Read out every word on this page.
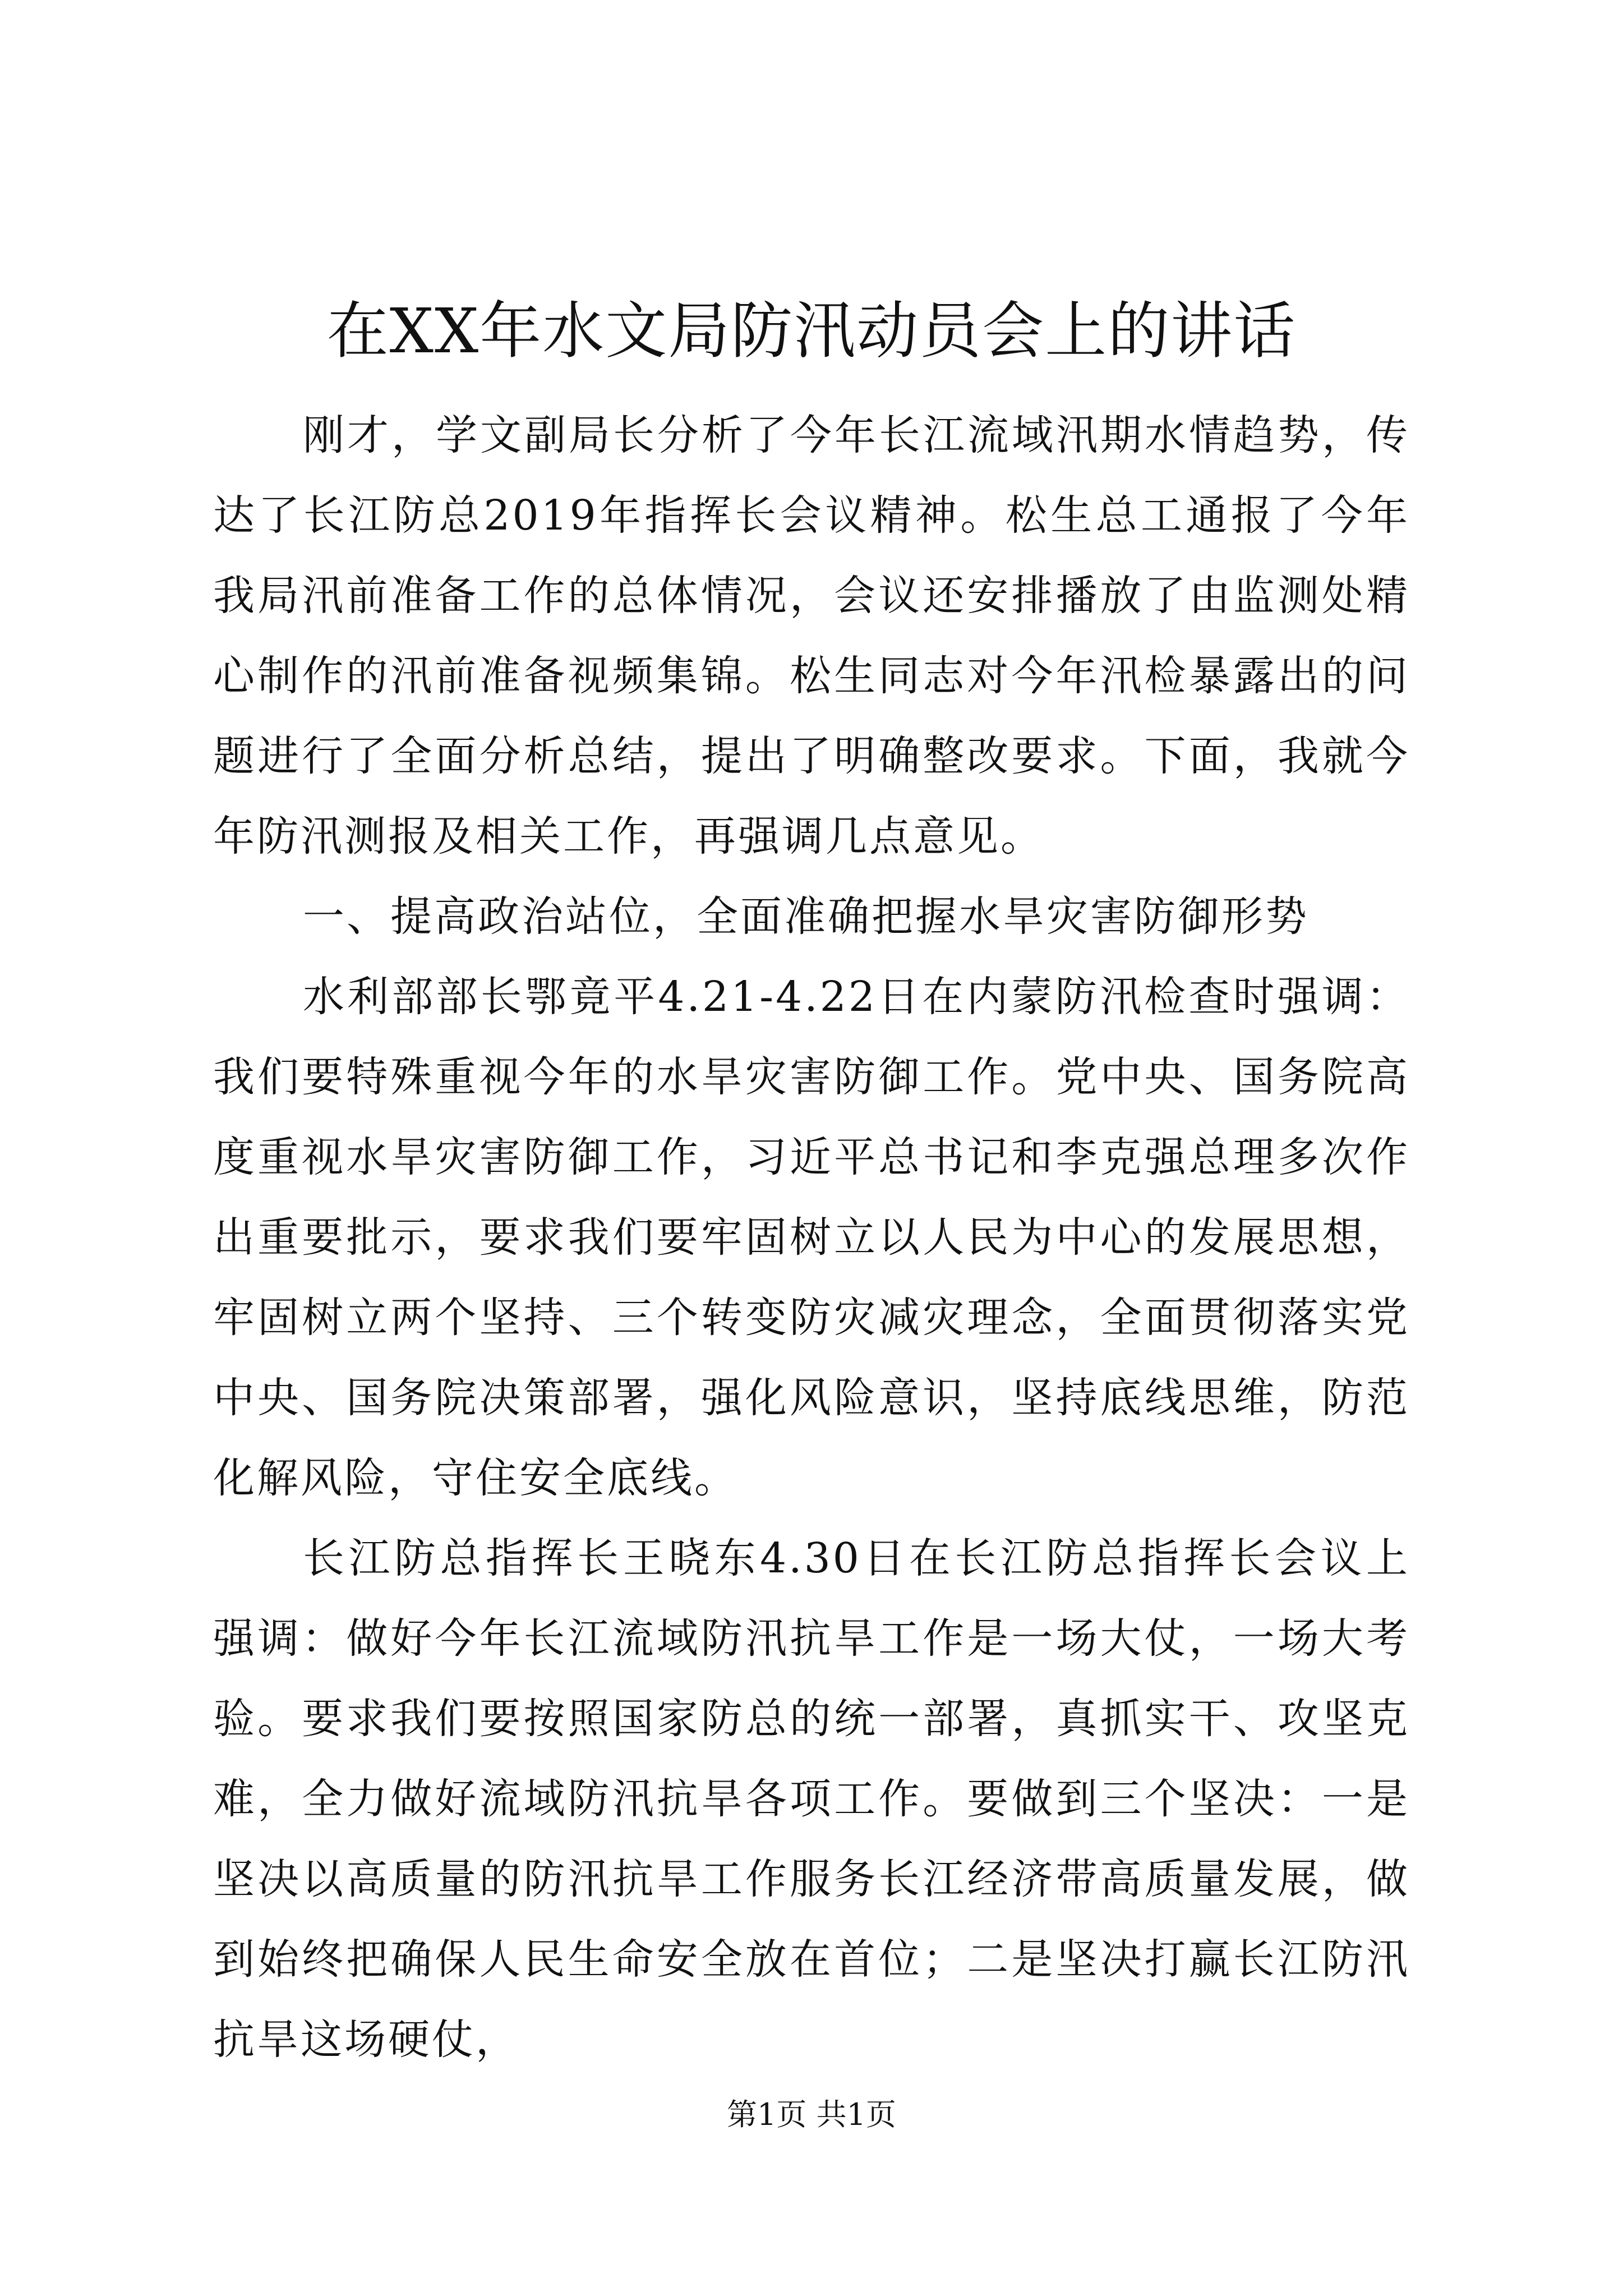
在XX年水文局防汛动员会上的讲话

刚才，学文副局长分析了今年长江流域汛期水情趋势，传达了长江防总2019年指挥长会议精神。松生总工通报了今年我局汛前准备工作的总体情况，会议还安排播放了由监测处精心制作的汛前准备视频集锦。松生同志对今年汛检暴露出的问题进行了全面分析总结，提出了明确整改要求。下面，我就今年防汛测报及相关工作，再强调几点意见。

一、提高政治站位，全面准确把握水旱灾害防御形势

水利部部长鄂竟平4.21-4.22日在内蒙防汛检查时强调：我们要特殊重视今年的水旱灾害防御工作。党中央、国务院高度重视水旱灾害防御工作，习近平总书记和李克强总理多次作出重要批示，要求我们要牢固树立以人民为中心的发展思想，牢固树立两个坚持、三个转变防灾减灾理念，全面贯彻落实党中央、国务院决策部署，强化风险意识，坚持底线思维，防范化解风险，守住安全底线。

长江防总指挥长王晓东4.30日在长江防总指挥长会议上强调：做好今年长江流域防汛抗旱工作是一场大仗，一场大考验。要求我们要按照国家防总的统一部署，真抓实干、攻坚克难，全力做好流域防汛抗旱各项工作。要做到三个坚决：一是坚决以高质量的防汛抗旱工作服务长江经济带高质量发展，做到始终把确保人民生命安全放在首位；二是坚决打赢长江防汛抗旱这场硬仗，

第1页 共1页
